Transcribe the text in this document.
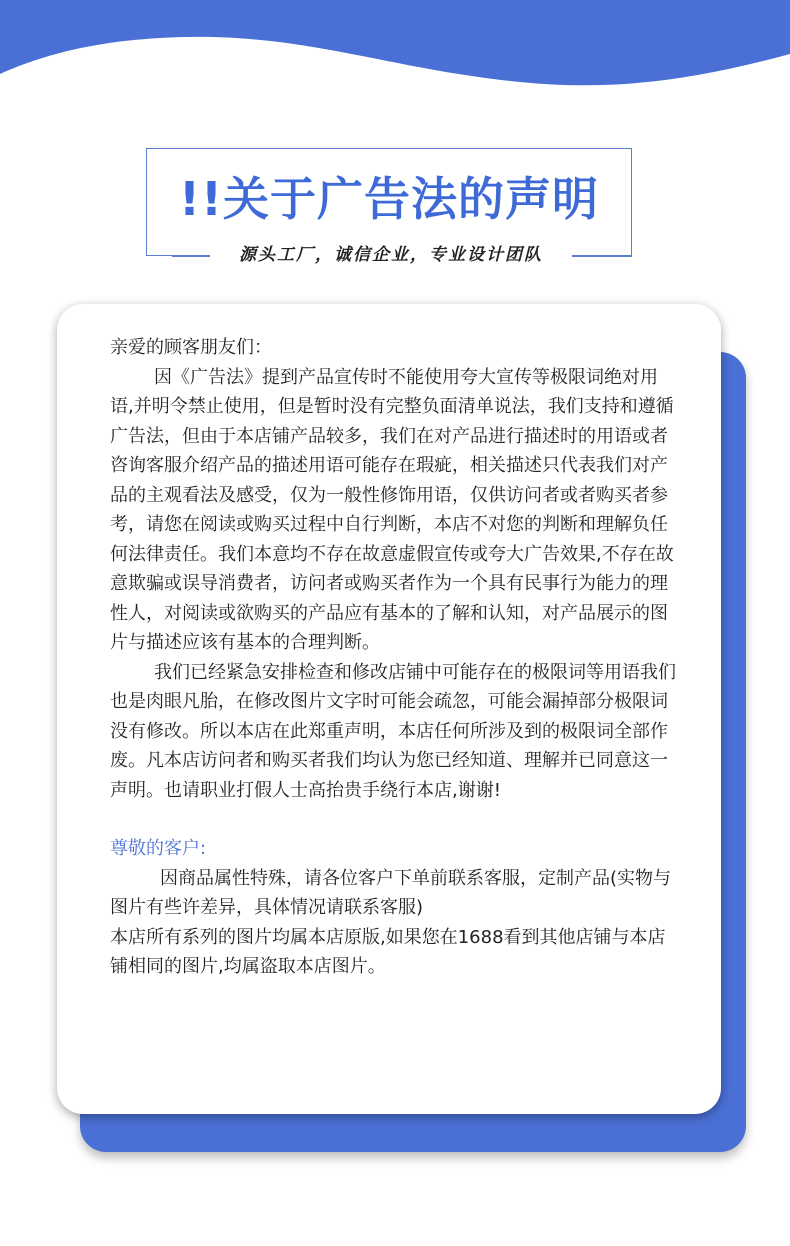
!!关于广告法的声明
源头工厂，诚信企业，专业设计团队

亲爱的顾客朋友们：

因《广告法》提到产品宣传时不能使用夸大宣传等极限词绝对用语,并明令禁止使用，但是暂时没有完整负面清单说法，我们支持和遵循广告法，但由于本店铺产品较多，我们在对产品进行描述时的用语或者咨询客服介绍产品的描述用语可能存在瑕疵，相关描述只代表我们对产品的主观看法及感受，仅为一般性修饰用语，仅供访问者或者购买者参考，请您在阅读或购买过程中自行判断，本店不对您的判断和理解负任何法律责任。我们本意均不存在故意虚假宣传或夸大广告效果,不存在故意欺骗或误导消费者，访问者或购买者作为一个具有民事行为能力的理性人，对阅读或欲购买的产品应有基本的了解和认知，对产品展示的图片与描述应该有基本的合理判断。

我们已经紧急安排检查和修改店铺中可能存在的极限词等用语我们也是肉眼凡胎，在修改图片文字时可能会疏忽，可能会漏掉部分极限词没有修改。所以本店在此郑重声明，本店任何所涉及到的极限词全部作废。凡本店访问者和购买者我们均认为您已经知道、理解并已同意这一声明。也请职业打假人士高抬贵手绕行本店,谢谢!

尊敬的客户:

因商品属性特殊，请各位客户下单前联系客服，定制产品(实物与图片有些许差异，具体情况请联系客服)

本店所有系列的图片均属本店原版,如果您在1688看到其他店铺与本店铺相同的图片,均属盗取本店图片。
